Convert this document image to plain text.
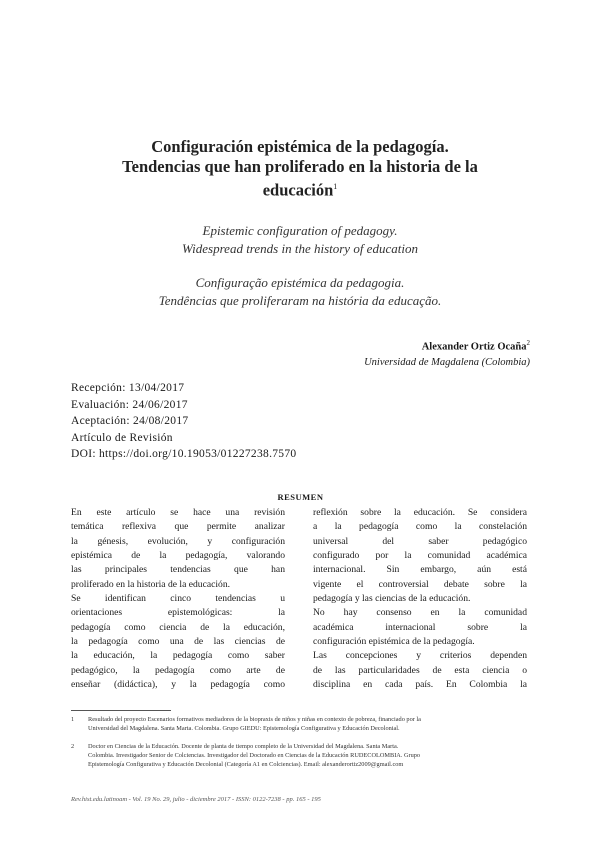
Configuración epistémica de la pedagogía.
Tendencias que han proliferado en la historia de la
educación$^1$
Epistemic configuration of pedagogy.
Widespread trends in the history of education
Configuração epistémica da pedagogia.
Tendências que proliferaram na história da educação.
Alexander Ortiz Ocaña$^2$
Universidad de Magdalena (Colombia)
Recepción: 13/04/2017
Evaluación: 24/06/2017
Aceptación: 24/08/2017
Artículo de Revisión
DOI: https://doi.org/10.19053/01227238.7570
RESUMEN
En este artículo se hace una revisión
temática reflexiva que permite analizar
la génesis, evolución, y configuración
epistémica de la pedagogía, valorando
las principales tendencias que han
proliferado en la historia de la educación.
Se identifican cinco tendencias u
orientaciones epistemológicas: la
pedagogía como ciencia de la educación,
la pedagogía como una de las ciencias de
la educación, la pedagogía como saber
pedagógico, la pedagogía como arte de
enseñar (didáctica), y la pedagogía como
reflexión sobre la educación. Se considera
a la pedagogía como la constelación
universal del saber pedagógico
configurado por la comunidad académica
internacional. Sin embargo, aún está
vigente el controversial debate sobre la
pedagogía y las ciencias de la educación.
No hay consenso en la comunidad
académica internacional sobre la
configuración epistémica de la pedagogía.
Las concepciones y criterios dependen
de las particularidades de esta ciencia o
disciplina en cada país. En Colombia la
1 Resultado del proyecto Escenarios formativos mediadores de la biopraxis de niños y niñas en contexto de pobreza, financiado por la
Universidad del Magdalena. Santa Marta. Colombia. Grupo GIEDU: Epistemología Configurativa y Educación Decolonial.
2 Doctor en Ciencias de la Educación. Docente de planta de tiempo completo de la Universidad del Magdalena. Santa Marta.
Colombia. Investigador Senior de Colciencias. Investigador del Doctorado en Ciencias de la Educación RUDECOLOMBIA. Grupo
Epistemología Configurativa y Educación Decolonial (Categoría A1 en Colciencias). Email: alexanderortiz2009@gmail.com
Rev.hist.edu.latinoam - Vol. 19 No. 29, julio - diciembre 2017 - ISSN: 0122-7238 - pp. 165 - 195
